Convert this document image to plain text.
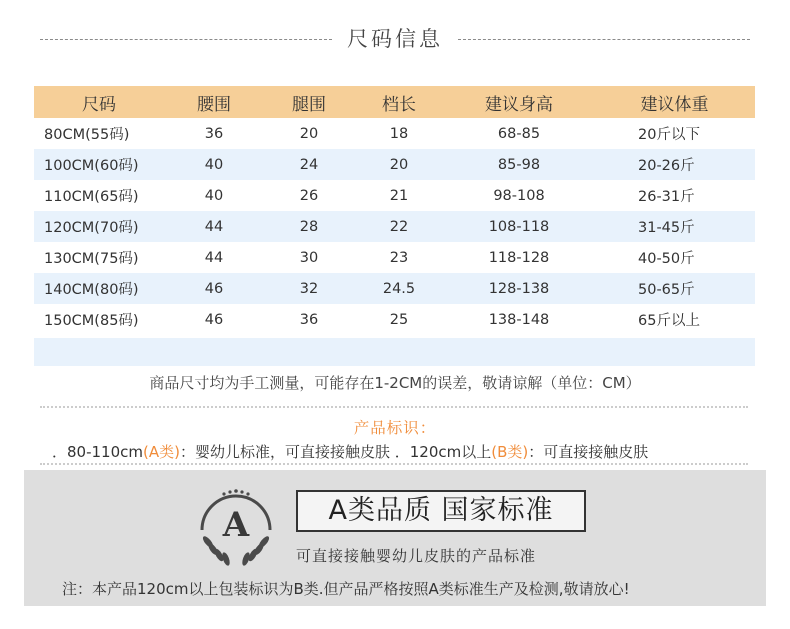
尺码信息
尺码	腰围	腿围	档长	建议身高	建议体重
80CM(55码)	36	20	18	68-85	20斤以下
100CM(60码)	40	24	20	85-98	20-26斤
110CM(65码)	40	26	21	98-108	26-31斤
120CM(70码)	44	28	22	108-118	31-45斤
130CM(75码)	44	30	23	118-128	40-50斤
140CM(80码)	46	32	24.5	128-138	50-65斤
150CM(85码)	46	36	25	138-148	65斤以上
商品尺寸均为手工测量，可能存在1-2CM的误差，敬请谅解（单位：CM）
产品标识：
．80-110cm(A类)：婴幼儿标准，可直接接触皮肤 ．120cm以上(B类)：可直接接触皮肤
A	A类品质 国家标准
可直接接触婴幼儿皮肤的产品标准
注：本产品120cm以上包装标识为B类.但产品严格按照A类标准生产及检测,敬请放心!
